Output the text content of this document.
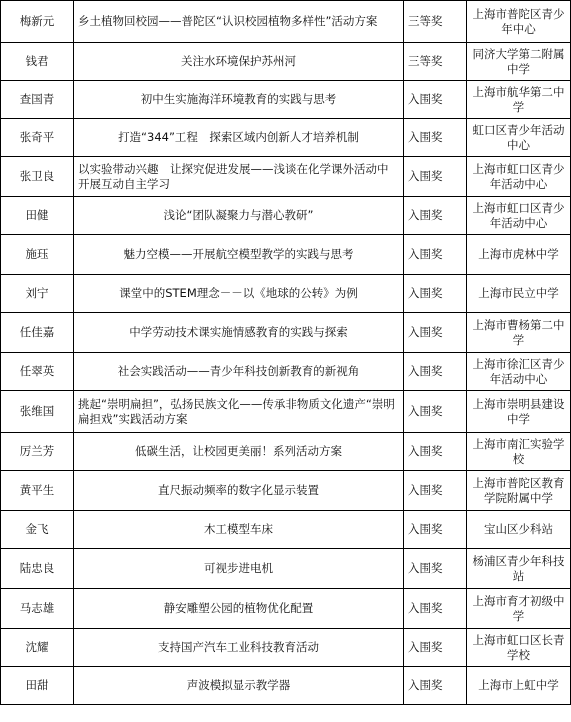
梅新元	乡土植物回校园——普陀区“认识校园植物多样性”活动方案	三等奖	上海市普陀区青少年中心
钱君	关注水环境保护苏州河	三等奖	同济大学第二附属中学
查国青	初中生实施海洋环境教育的实践与思考	入围奖	上海市航华第二中学
张奇平	打造“344”工程　探索区域内创新人才培养机制	入围奖	虹口区青少年活动中心
张卫良	以实验带动兴趣　让探究促进发展——浅谈在化学课外活动中开展互动自主学习	入围奖	上海市虹口区青少年活动中心
田健	浅论“团队凝聚力与潜心教研”	入围奖	上海市虹口区青少年活动中心
施珏	魅力空模——开展航空模型教学的实践与思考	入围奖	上海市虎林中学
刘宁	课堂中的STEM理念－－以《地球的公转》为例	入围奖	上海市民立中学
任佳嘉	中学劳动技术课实施情感教育的实践与探索	入围奖	上海市曹杨第二中学
任翠英	社会实践活动——青少年科技创新教育的新视角	入围奖	上海市徐汇区青少年活动中心
张维国	挑起“崇明扁担”，弘扬民族文化——传承非物质文化遗产“崇明扁担戏”实践活动方案	入围奖	上海市崇明县建设中学
厉兰芳	低碳生活，让校园更美丽！系列活动方案	入围奖	上海市南汇实验学校
黄平生	直尺振动频率的数字化显示装置	入围奖	上海市普陀区教育学院附属中学
金飞	木工模型车床	入围奖	宝山区少科站
陆忠良	可视步进电机	入围奖	杨浦区青少年科技站
马志雄	静安雕塑公园的植物优化配置	入围奖	上海市育才初级中学
沈耀	支持国产汽车工业科技教育活动	入围奖	上海市虹口区长青学校
田甜	声波模拟显示教学器	入围奖	上海市上虹中学
